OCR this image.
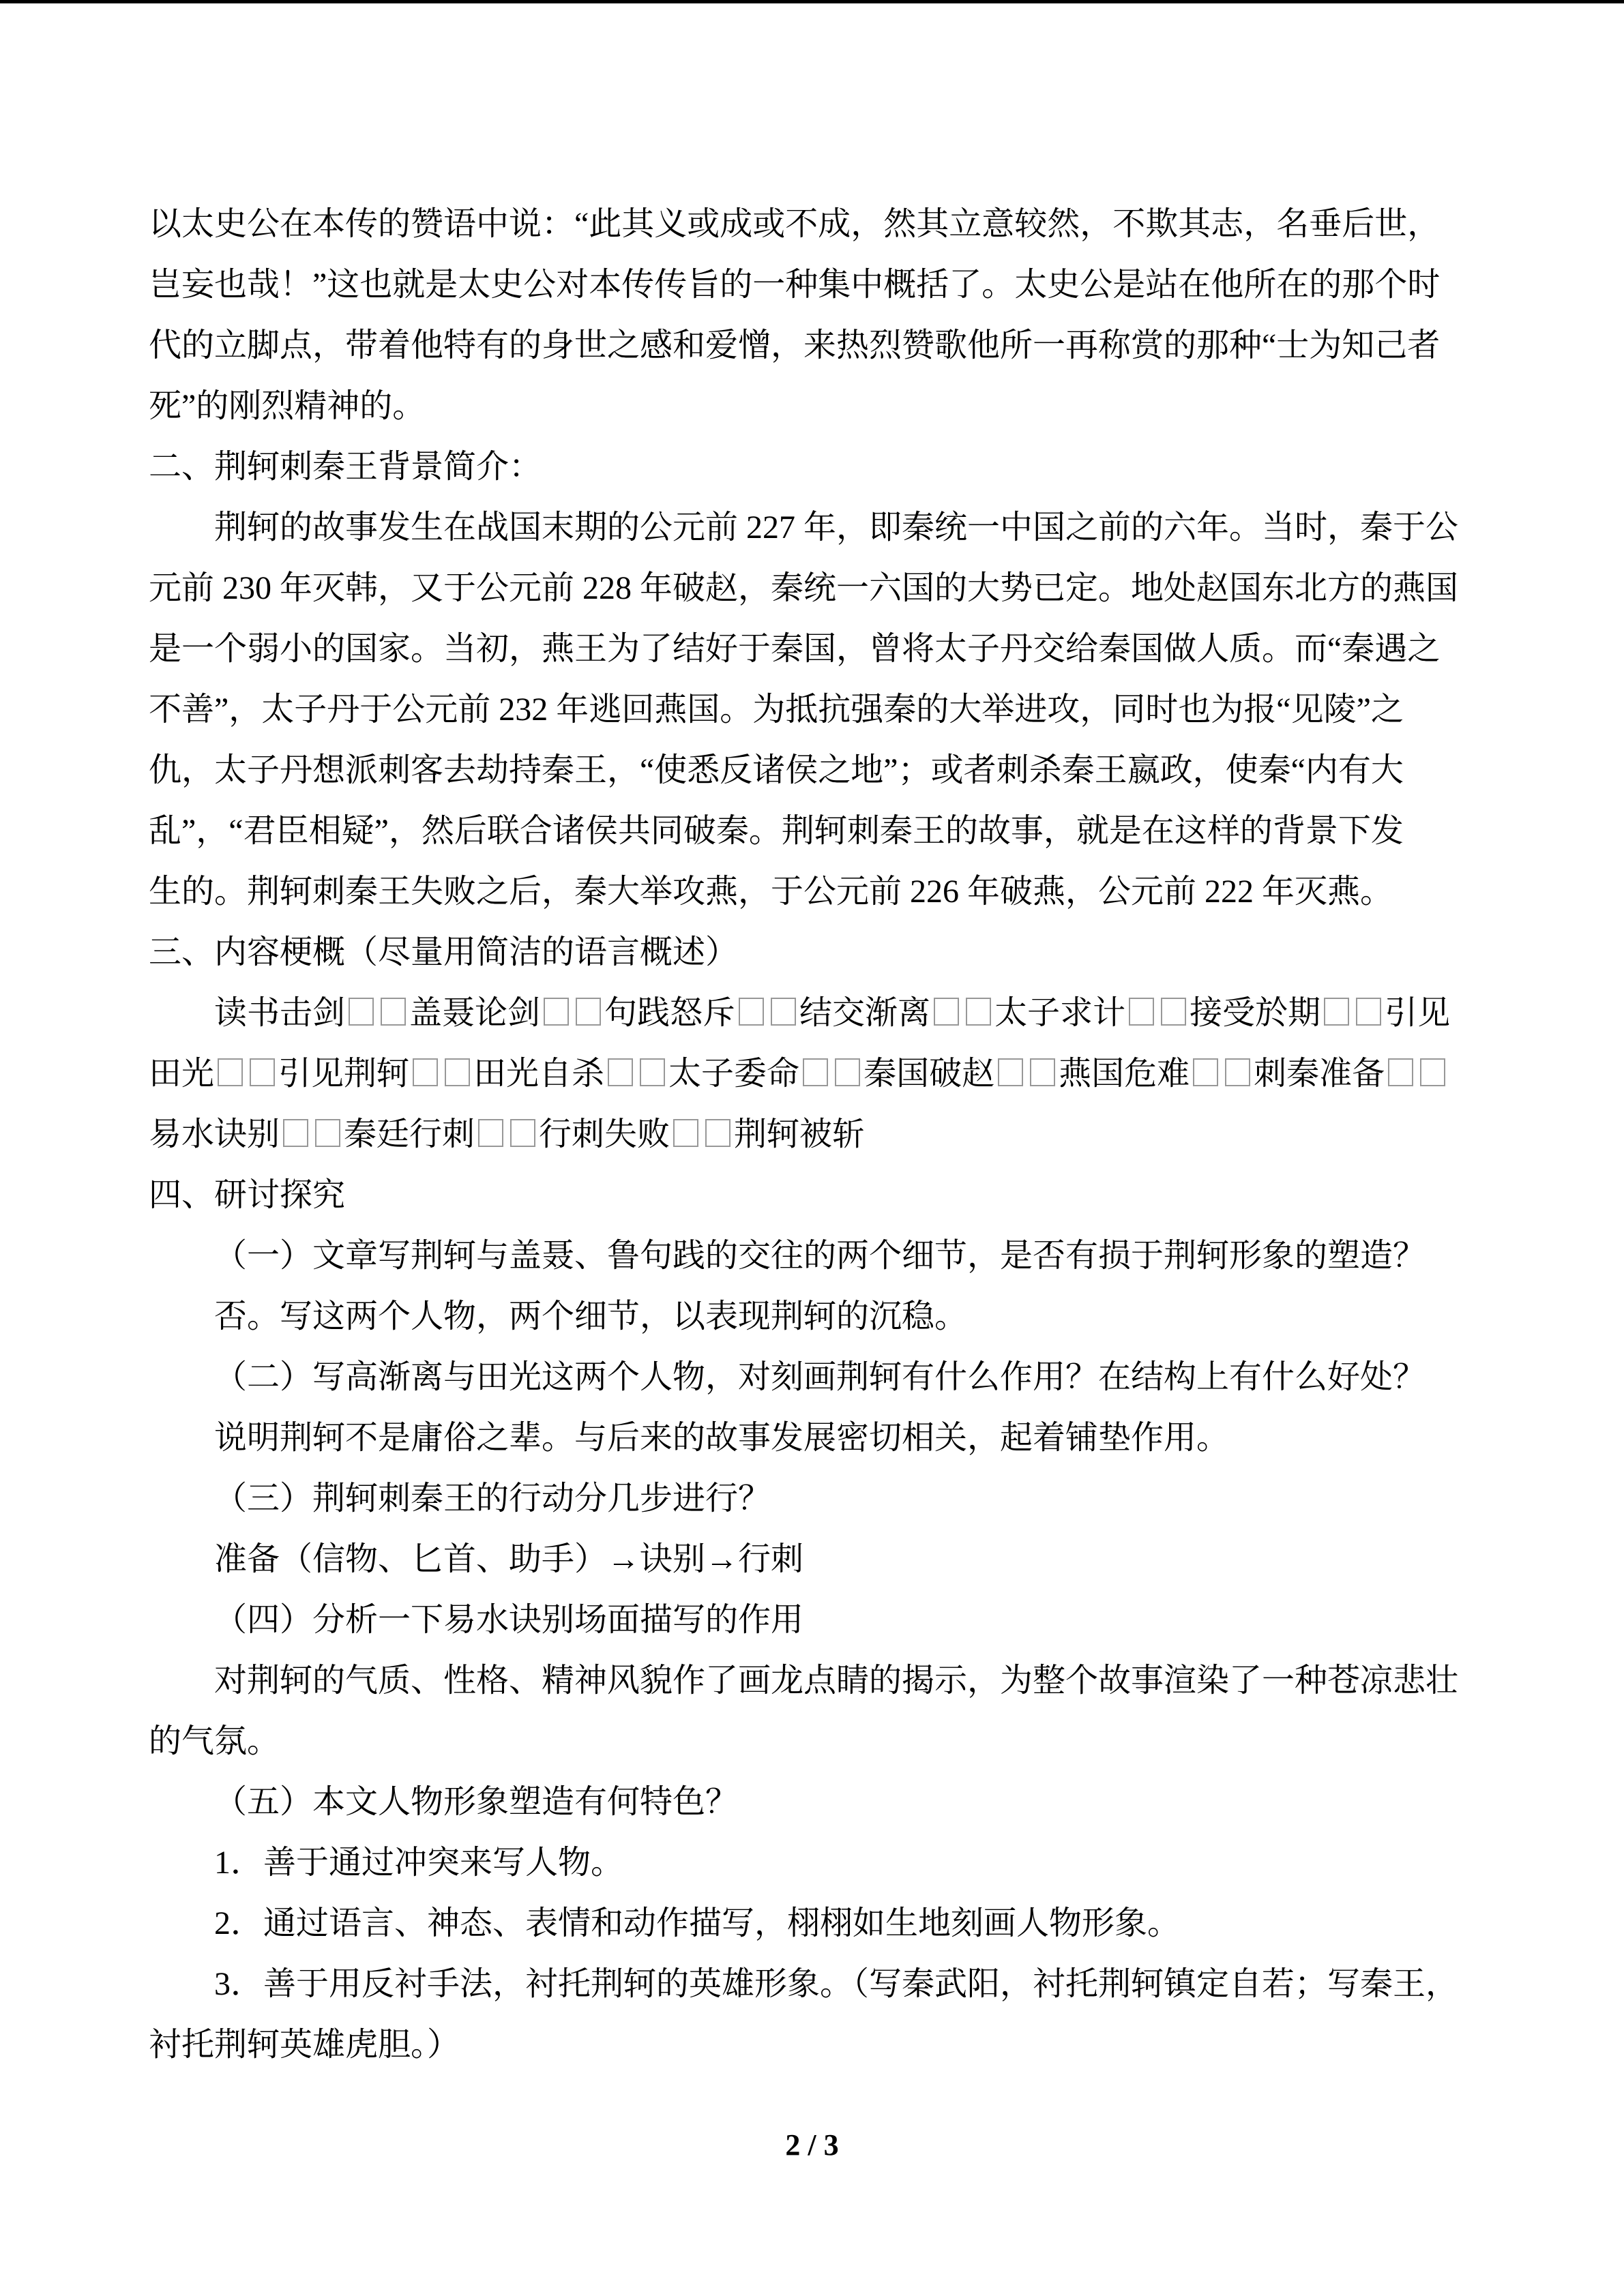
以太史公在本传的赞语中说：“此其义或成或不成，然其立意较然，不欺其志，名垂后世，
岂妄也哉！”这也就是太史公对本传传旨的一种集中概括了。太史公是站在他所在的那个时
代的立脚点，带着他特有的身世之感和爱憎，来热烈赞歌他所一再称赏的那种“士为知己者
死”的刚烈精神的。
二、荆轲刺秦王背景简介：
荆轲的故事发生在战国末期的公元前 227 年，即秦统一中国之前的六年。当时，秦于公
元前 230 年灭韩，又于公元前 228 年破赵，秦统一六国的大势已定。地处赵国东北方的燕国
是一个弱小的国家。当初，燕王为了结好于秦国，曾将太子丹交给秦国做人质。而“秦遇之
不善”，太子丹于公元前 232 年逃回燕国。为抵抗强秦的大举进攻，同时也为报“见陵”之
仇，太子丹想派刺客去劫持秦王，“使悉反诸侯之地”；或者刺杀秦王嬴政，使秦“内有大
乱”，“君臣相疑”，然后联合诸侯共同破秦。荆轲刺秦王的故事，就是在这样的背景下发
生的。荆轲刺秦王失败之后，秦大举攻燕，于公元前 226 年破燕，公元前 222 年灭燕。
三、内容梗概（尽量用简洁的语言概述）
读书击剑 盖聂论剑 句践怒斥 结交渐离 太子求计 接受於期 引见
田光 引见荆轲 田光自杀 太子委命 秦国破赵 燕国危难 刺秦准备
易水诀别 秦廷行刺 行刺失败 荆轲被斩
四、研讨探究
（一）文章写荆轲与盖聂、鲁句践的交往的两个细节，是否有损于荆轲形象的塑造？
否。写这两个人物，两个细节，以表现荆轲的沉稳。
（二）写高渐离与田光这两个人物，对刻画荆轲有什么作用？在结构上有什么好处？
说明荆轲不是庸俗之辈。与后来的故事发展密切相关，起着铺垫作用。
（三）荆轲刺秦王的行动分几步进行？
准备（信物、匕首、助手）→诀别→行刺
（四）分析一下易水诀别场面描写的作用
对荆轲的气质、性格、精神风貌作了画龙点睛的揭示，为整个故事渲染了一种苍凉悲壮
的气氛。
（五）本文人物形象塑造有何特色？
1．善于通过冲突来写人物。
2．通过语言、神态、表情和动作描写，栩栩如生地刻画人物形象。
3．善于用反衬手法，衬托荆轲的英雄形象。（写秦武阳，衬托荆轲镇定自若；写秦王，
衬托荆轲英雄虎胆。）
2 / 3
